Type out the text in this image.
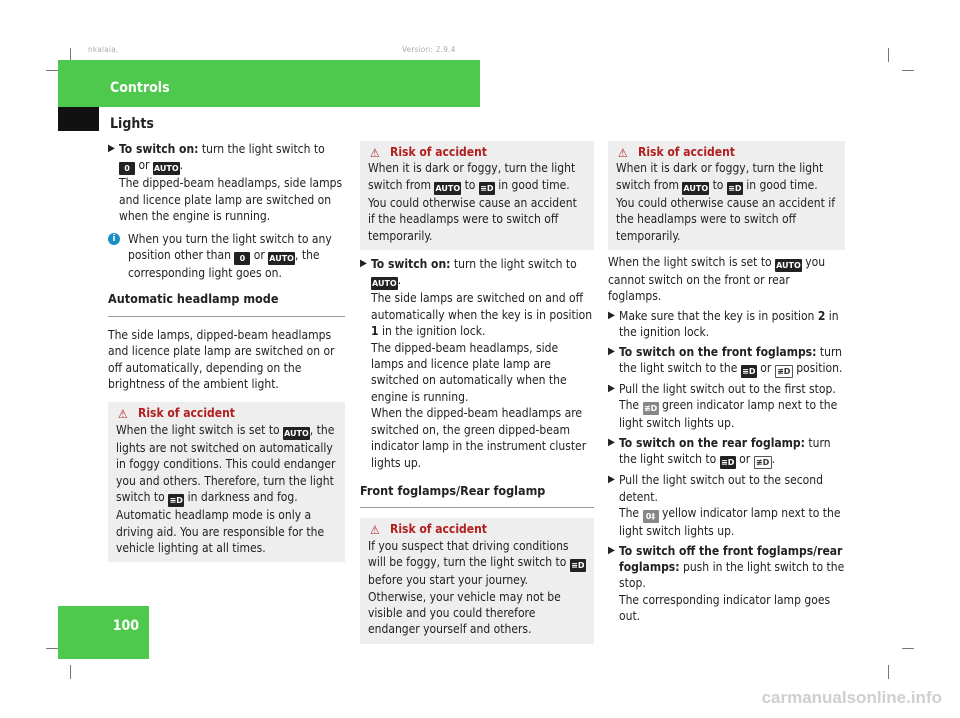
nkalaia,	Version: 2.9.4
Controls
Lights
100

▶ To switch on: turn the light switch to
0 or AUTO.

The dipped-beam headlamps, side lamps and licence plate lamp are switched on when the engine is running.

i	When you turn the light switch to any position other than 0 or AUTO, the corresponding light goes on.

Automatic headlamp mode

The side lamps, dipped-beam headlamps and licence plate lamp are switched on or off automatically, depending on the brightness of the ambient light.

⚠ Risk of accident

When the light switch is set to AUTO, the lights are not switched on automatically in foggy conditions. This could endanger you and others. Therefore, turn the light switch to ≡D in darkness and fog.

Automatic headlamp mode is only a driving aid. You are responsible for the vehicle lighting at all times.

⚠ Risk of accident

When it is dark or foggy, turn the light switch from AUTO to ≡D in good time. You could otherwise cause an accident if the headlamps were to switch off temporarily.

▶ To switch on: turn the light switch to
AUTO.

The side lamps are switched on and off automatically when the key is in position 1 in the ignition lock.

The dipped-beam headlamps, side lamps and licence plate lamp are switched on automatically when the engine is running.

When the dipped-beam headlamps are switched on, the green dipped-beam indicator lamp in the instrument cluster lights up.

Front foglamps/Rear foglamp
⚠ Risk of accident

If you suspect that driving conditions will be foggy, turn the light switch to ≡D before you start your journey. Otherwise, your vehicle may not be visible and you could therefore endanger yourself and others.

⚠ Risk of accident

When it is dark or foggy, turn the light switch from AUTO to ≡D in good time. You could otherwise cause an accident if the headlamps were to switch off temporarily.

When the light switch is set to AUTO you cannot switch on the front or rear foglamps.

▶ Make sure that the key is in position 2 in the ignition lock.

▶ To switch on the front foglamps: turn the light switch to the ≡D or ≢D position.

▶ Pull the light switch out to the first stop.

The ≢D green indicator lamp next to the light switch lights up.

▶ To switch on the rear foglamp: turn the light switch to ≡D or ≢D .

▶ Pull the light switch out to the second detent.

The 0‡ yellow indicator lamp next to the light switch lights up.

▶ To switch off the front foglamps/rear foglamps: push in the light switch to the stop.

The corresponding indicator lamp goes out.

carmanualsonline.info
